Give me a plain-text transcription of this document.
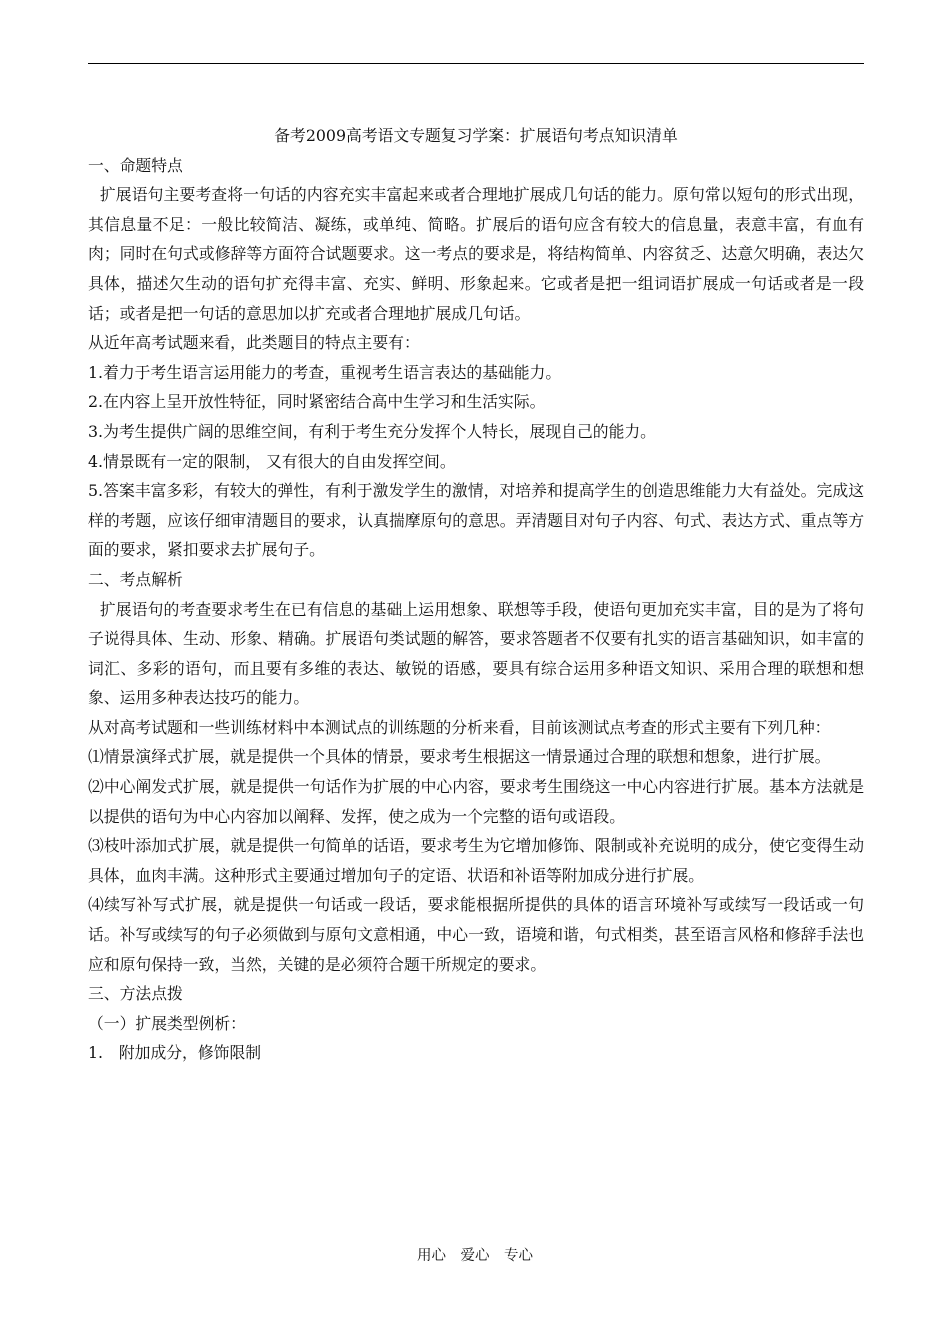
备考2009高考语文专题复习学案：扩展语句考点知识清单

一、命题特点

扩展语句主要考查将一句话的内容充实丰富起来或者合理地扩展成几句话的能力。原句常以短句的形式出现，其信息量不足：一般比较简洁、凝练，或单纯、简略。扩展后的语句应含有较大的信息量，表意丰富，有血有肉；同时在句式或修辞等方面符合试题要求。这一考点的要求是，将结构简单、内容贫乏、达意欠明确，表达欠具体，描述欠生动的语句扩充得丰富、充实、鲜明、形象起来。它或者是把一组词语扩展成一句话或者是一段话；或者是把一句话的意思加以扩充或者合理地扩展成几句话。

从近年高考试题来看，此类题目的特点主要有：

1.着力于考生语言运用能力的考查，重视考生语言表达的基础能力。

2.在内容上呈开放性特征，同时紧密结合高中生学习和生活实际。

3.为考生提供广阔的思维空间，有利于考生充分发挥个人特长，展现自己的能力。

4.情景既有一定的限制， 又有很大的自由发挥空间。

5.答案丰富多彩，有较大的弹性，有利于激发学生的激情，对培养和提高学生的创造思维能力大有益处。完成这样的考题，应该仔细审清题目的要求，认真揣摩原句的意思。弄清题目对句子内容、句式、表达方式、重点等方面的要求，紧扣要求去扩展句子。

二、考点解析

扩展语句的考查要求考生在已有信息的基础上运用想象、联想等手段，使语句更加充实丰富，目的是为了将句子说得具体、生动、形象、精确。扩展语句类试题的解答，要求答题者不仅要有扎实的语言基础知识，如丰富的词汇、多彩的语句，而且要有多维的表达、敏锐的语感，要具有综合运用多种语文知识、采用合理的联想和想象、运用多种表达技巧的能力。

从对高考试题和一些训练材料中本测试点的训练题的分析来看，目前该测试点考查的形式主要有下列几种：

⑴情景演绎式扩展，就是提供一个具体的情景，要求考生根据这一情景通过合理的联想和想象，进行扩展。

⑵中心阐发式扩展，就是提供一句话作为扩展的中心内容，要求考生围绕这一中心内容进行扩展。基本方法就是以提供的语句为中心内容加以阐释、发挥，使之成为一个完整的语句或语段。

⑶枝叶添加式扩展，就是提供一句简单的话语，要求考生为它增加修饰、限制或补充说明的成分，使它变得生动具体，血肉丰满。这种形式主要通过增加句子的定语、状语和补语等附加成分进行扩展。

⑷续写补写式扩展，就是提供一句话或一段话，要求能根据所提供的具体的语言环境补写或续写一段话或一句话。补写或续写的句子必须做到与原句文意相通，中心一致，语境和谐，句式相类，甚至语言风格和修辞手法也应和原句保持一致，当然，关键的是必须符合题干所规定的要求。

三、方法点拨

（一）扩展类型例析：

1.　附加成分，修饰限制

用心　爱心　专心
